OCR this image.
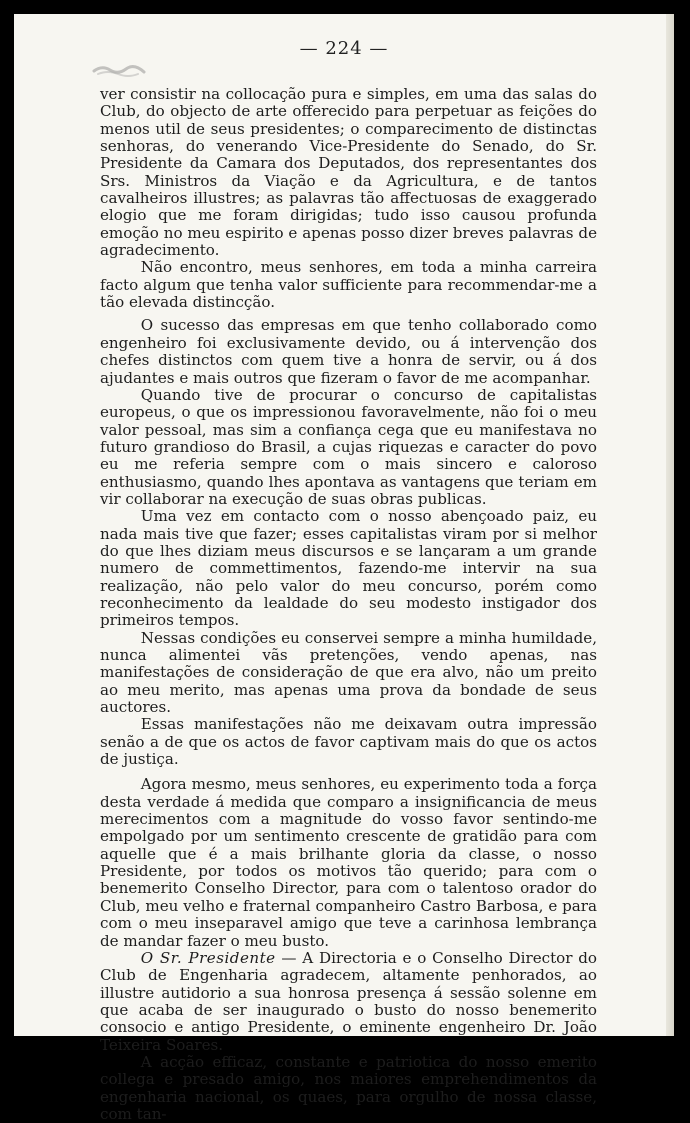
— 224 —

ver consistir na collocação pura e simples, em uma das salas do Club, do objecto de arte offerecido para perpetuar as feições do menos util de seus presidentes; o comparecimento de distinctas senhoras, do venerando Vice-Presidente do Senado, do Sr. Presidente da Camara dos Deputados, dos representantes dos Srs. Ministros da Viação e da Agricultura, e de tantos cavalheiros illustres; as palavras tão affectuosas de exaggerado elogio que me foram dirigidas; tudo isso causou profunda emoção no meu espirito e apenas posso dizer breves palavras de agradecimento.

Não encontro, meus senhores, em toda a minha carreira facto algum que tenha valor sufficiente para recommendar-me a tão elevada distincção.

O sucesso das empresas em que tenho collaborado como engenheiro foi exclusivamente devido, ou á intervenção dos chefes distinctos com quem tive a honra de servir, ou á dos ajudantes e mais outros que fizeram o favor de me acompanhar.

Quando tive de procurar o concurso de capitalistas europeus, o que os impressionou favoravelmente, não foi o meu valor pessoal, mas sim a confiança cega que eu manifestava no futuro grandioso do Brasil, a cujas riquezas e caracter do povo eu me referia sempre com o mais sincero e caloroso enthusiasmo, quando lhes apontava as vantagens que teriam em vir collaborar na execução de suas obras publicas.

Uma vez em contacto com o nosso abençoado paiz, eu nada mais tive que fazer; esses capitalistas viram por si melhor do que lhes diziam meus discursos e se lançaram a um grande numero de commettimentos, fazendo-me intervir na sua realização, não pelo valor do meu concurso, porém como reconhecimento da lealdade do seu modesto instigador dos primeiros tempos.

Nessas condições eu conservei sempre a minha humildade, nunca alimentei vãs pretenções, vendo apenas, nas manifestações de consideração de que era alvo, não um preito ao meu merito, mas apenas uma prova da bondade de seus auctores.

Essas manifestações não me deixavam outra impressão senão a de que os actos de favor captivam mais do que os actos de justiça.

Agora mesmo, meus senhores, eu experimento toda a força desta verdade á medida que comparo a insignificancia de meus merecimentos com a magnitude do vosso favor sentindo-me empolgado por um sentimento crescente de gratidão para com aquelle que é a mais brilhante gloria da classe, o nosso Presidente, por todos os motivos tão querido; para com o benemerito Conselho Director, para com o talentoso orador do Club, meu velho e fraternal companheiro Castro Barbosa, e para com o meu inseparavel amigo que teve a carinhosa lembrança de mandar fazer o meu busto.

O Sr. Presidente — A Directoria e o Conselho Director do Club de Engenharia agradecem, altamente penhorados, ao illustre autidorio a sua honrosa presença á sessão solenne em que acaba de ser inaugurado o busto do nosso benemerito consocio e antigo Presidente, o eminente engenheiro Dr. João Teixeira Soares.

A acção efficaz, constante e patriotica do nosso emerito collega e presado amigo, nos maiores emprehendimentos da engenharia nacional, os quaes, para orgulho de nossa classe, com tan-
